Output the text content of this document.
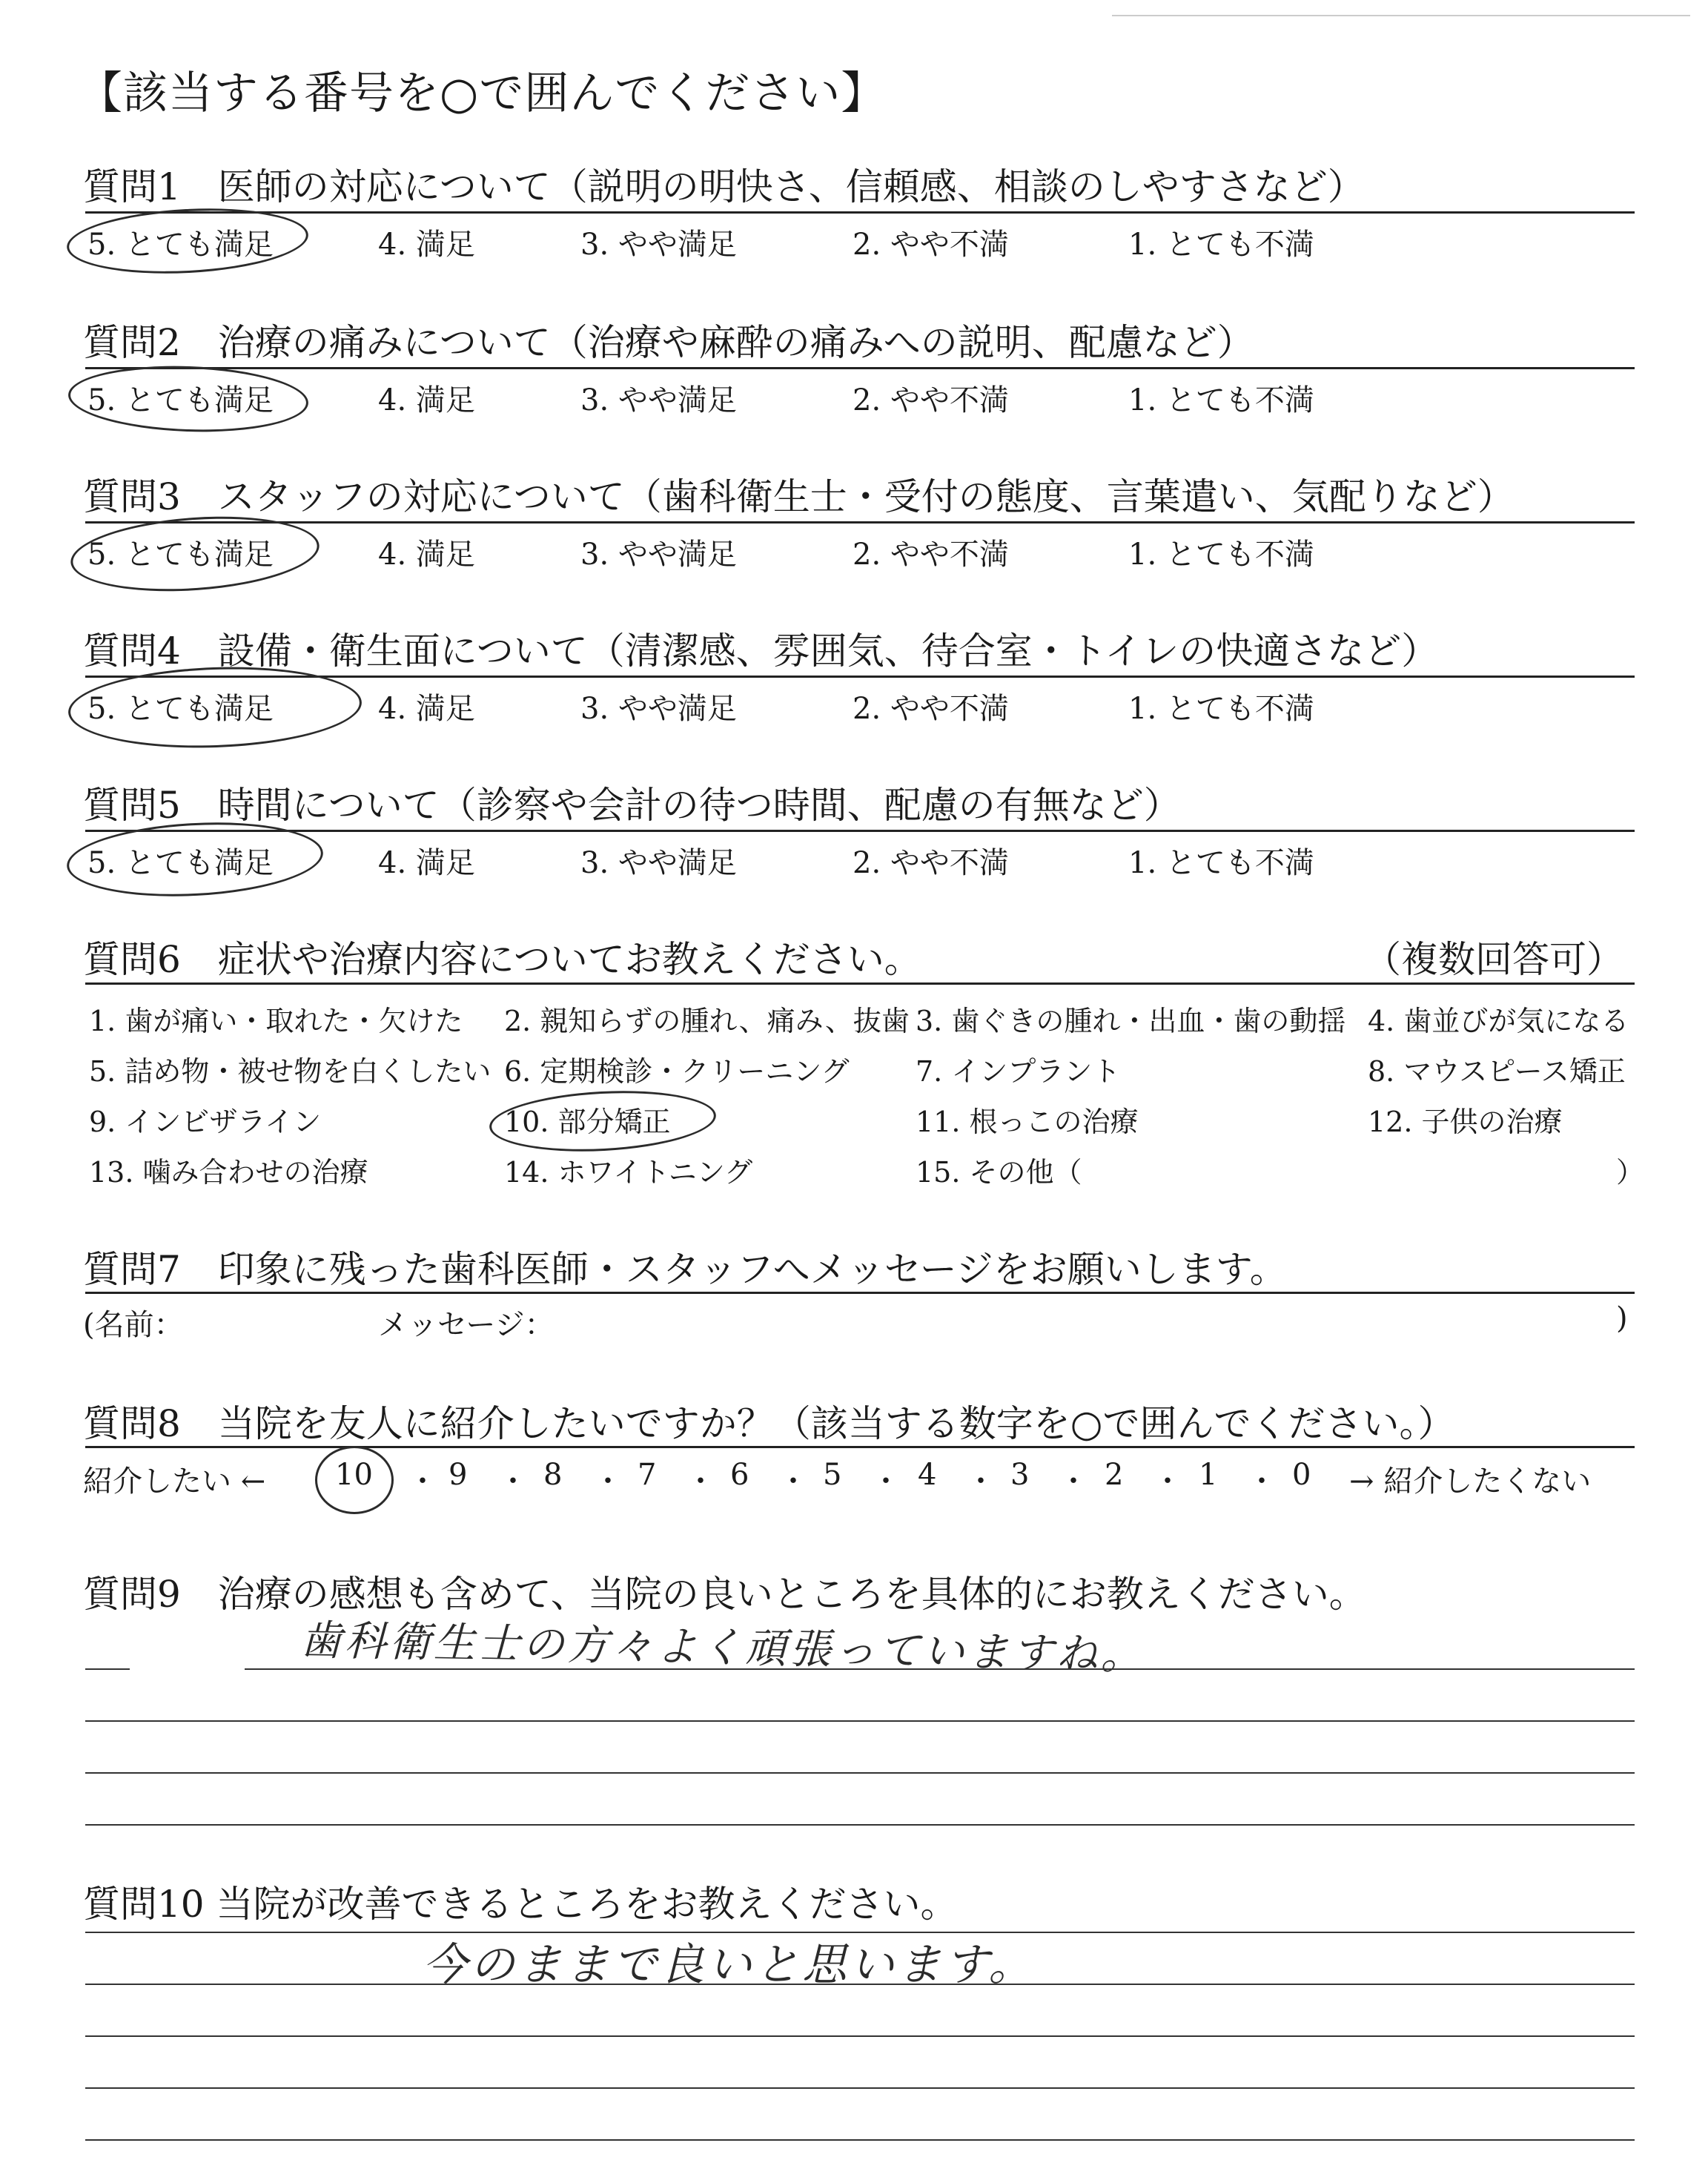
【該当する番号を○で囲んでください】
質問1　医師の対応について（説明の明快さ、信頼感、相談のしやすさなど）
5. とても満足	4. 満足	3. やや満足	2. やや不満	1. とても不満
質問2　治療の痛みについて（治療や麻酔の痛みへの説明、配慮など）
5. とても満足	4. 満足	3. やや満足	2. やや不満	1. とても不満
質問3　スタッフの対応について（歯科衛生士・受付の態度、言葉遣い、気配りなど）
5. とても満足	4. 満足	3. やや満足	2. やや不満	1. とても不満
質問4　設備・衛生面について（清潔感、雰囲気、待合室・トイレの快適さなど）
5. とても満足	4. 満足	3. やや満足	2. やや不満	1. とても不満
質問5　時間について（診察や会計の待つ時間、配慮の有無など）
5. とても満足	4. 満足	3. やや満足	2. やや不満	1. とても不満
質問6　症状や治療内容についてお教えください。	（複数回答可）
1. 歯が痛い・取れた・欠けた 2. 親知らずの腫れ、痛み、抜歯 3. 歯ぐきの腫れ・出血・歯の動揺 4. 歯並びが気になる
5. 詰め物・被せ物を白くしたい 6. 定期検診・クリーニング 7. インプラント	8. マウスピース矯正
9. インビザライン	10. 部分矯正	11. 根っこの治療	12. 子供の治療
13. 噛み合わせの治療	14. ホワイトニング	15. その他（	）
質問7　印象に残った歯科医師・スタッフへメッセージをお願いします。
(名前：	メッセージ：	)
質問8　当院を友人に紹介したいですか？（該当する数字を○で囲んでください。）
紹介したい ← 10 ・ 9 ・ 8 ・ 7 ・ 6 ・ 5 ・ 4 ・ 3 ・ 2 ・ 1 ・ 0 → 紹介したくない
質問9　治療の感想も含めて、当院の良いところを具体的にお教えください。
歯科衛生士の方々よく頑張っていますね。
質問10 当院が改善できるところをお教えください。
今のままで良いと思います。
